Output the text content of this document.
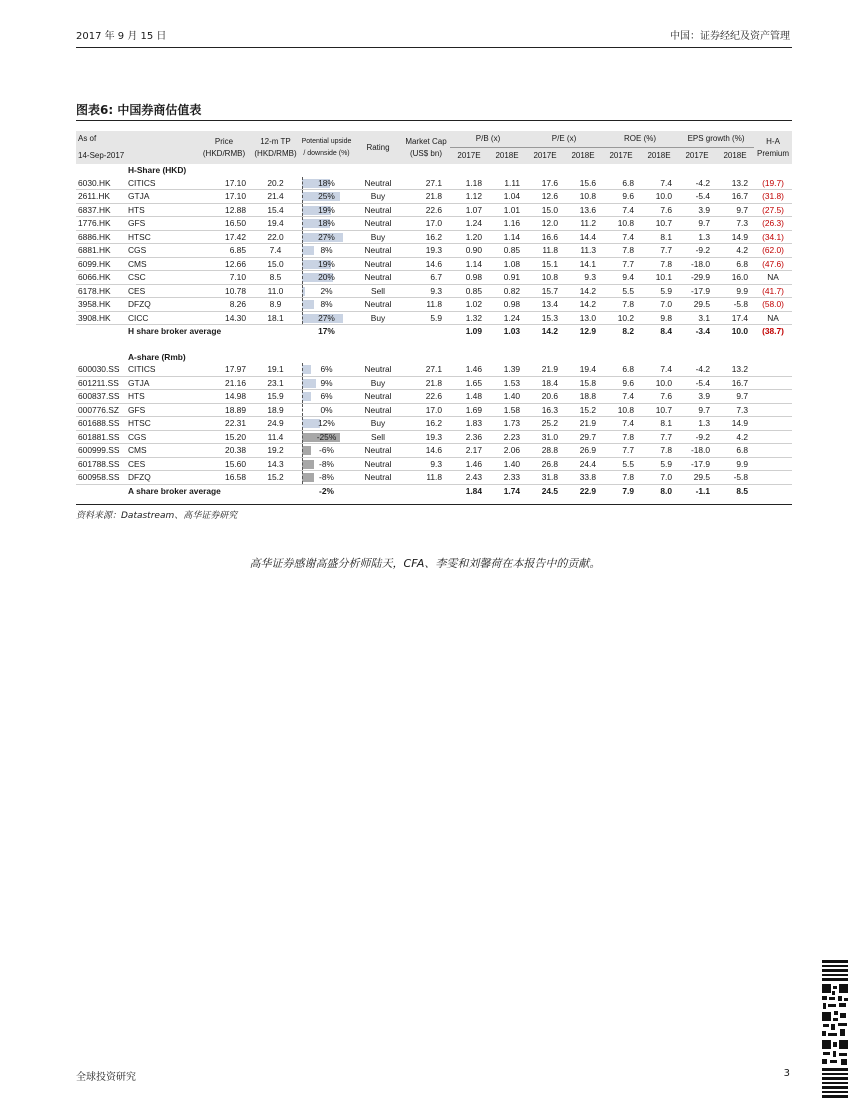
2017 年 9 月 15 日	中国：证券经纪及资产管理
图表6: 中国券商估值表
As of		Price (HKD/RMB)	12-m TP (HKD/RMB)	Potential upside / downside (%)	Rating	Market Cap (US$ bn)	P/B (x)		P/E (x)		ROE (%)		EPS growth (%)		H-A Premium
14-Sep-2017							2017E	2018E	2017E	2018E	2017E	2018E	2017E	2018E	
	H-Share (HKD)														
6030.HK	CITICS	17.10	20.2	18%	Neutral	27.1	1.18	1.11	17.6	15.6	6.8	7.4	-4.2	13.2	(19.7)
2611.HK	GTJA	17.10	21.4	25%	Buy	21.8	1.12	1.04	12.6	10.8	9.6	10.0	-5.4	16.7	(31.8)
6837.HK	HTS	12.88	15.4	19%	Neutral	22.6	1.07	1.01	15.0	13.6	7.4	7.6	3.9	9.7	(27.5)
1776.HK	GFS	16.50	19.4	18%	Neutral	17.0	1.24	1.16	12.0	11.2	10.8	10.7	9.7	7.3	(26.3)
6886.HK	HTSC	17.42	22.0	27%	Buy	16.2	1.20	1.14	16.6	14.4	7.4	8.1	1.3	14.9	(34.1)
6881.HK	CGS	6.85	7.4	8%	Neutral	19.3	0.90	0.85	11.8	11.3	7.8	7.7	-9.2	4.2	(62.0)
6099.HK	CMS	12.66	15.0	19%	Neutral	14.6	1.14	1.08	15.1	14.1	7.7	7.8	-18.0	6.8	(47.6)
6066.HK	CSC	7.10	8.5	20%	Neutral	6.7	0.98	0.91	10.8	9.3	9.4	10.1	-29.9	16.0	NA
6178.HK	CES	10.78	11.0	2%	Sell	9.3	0.85	0.82	15.7	14.2	5.5	5.9	-17.9	9.9	(41.7)
3958.HK	DFZQ	8.26	8.9	8%	Neutral	11.8	1.02	0.98	13.4	14.2	7.8	7.0	29.5	-5.8	(58.0)
3908.HK	CICC	14.30	18.1	27%	Buy	5.9	1.32	1.24	15.3	13.0	10.2	9.8	3.1	17.4	NA
	H share broker average			17%			1.09	1.03	14.2	12.9	8.2	8.4	-3.4	10.0	(38.7)

	A-share (Rmb)														
600030.SS	CITICS	17.97	19.1	6%	Neutral	27.1	1.46	1.39	21.9	19.4	6.8	7.4	-4.2	13.2	
601211.SS	GTJA	21.16	23.1	9%	Buy	21.8	1.65	1.53	18.4	15.8	9.6	10.0	-5.4	16.7	
600837.SS	HTS	14.98	15.9	6%	Neutral	22.6	1.48	1.40	20.6	18.8	7.4	7.6	3.9	9.7	
000776.SZ	GFS	18.89	18.9	0%	Neutral	17.0	1.69	1.58	16.3	15.2	10.8	10.7	9.7	7.3	
601688.SS	HTSC	22.31	24.9	12%	Buy	16.2	1.83	1.73	25.2	21.9	7.4	8.1	1.3	14.9	
601881.SS	CGS	15.20	11.4	-25%	Sell	19.3	2.36	2.23	31.0	29.7	7.8	7.7	-9.2	4.2	
600999.SS	CMS	20.38	19.2	-6%	Neutral	14.6	2.17	2.06	28.8	26.9	7.7	7.8	-18.0	6.8	
601788.SS	CES	15.60	14.3	-8%	Neutral	9.3	1.46	1.40	26.8	24.4	5.5	5.9	-17.9	9.9	
600958.SS	DFZQ	16.58	15.2	-8%	Neutral	11.8	2.43	2.33	31.8	33.8	7.8	7.0	29.5	-5.8	
	A share broker average			-2%			1.84	1.74	24.5	22.9	7.9	8.0	-1.1	8.5	
资料来源：Datastream、高华证券研究
高华证券感谢高盛分析师陆天，CFA、李雯和刘馨荷在本报告中的贡献。
全球投资研究	3
